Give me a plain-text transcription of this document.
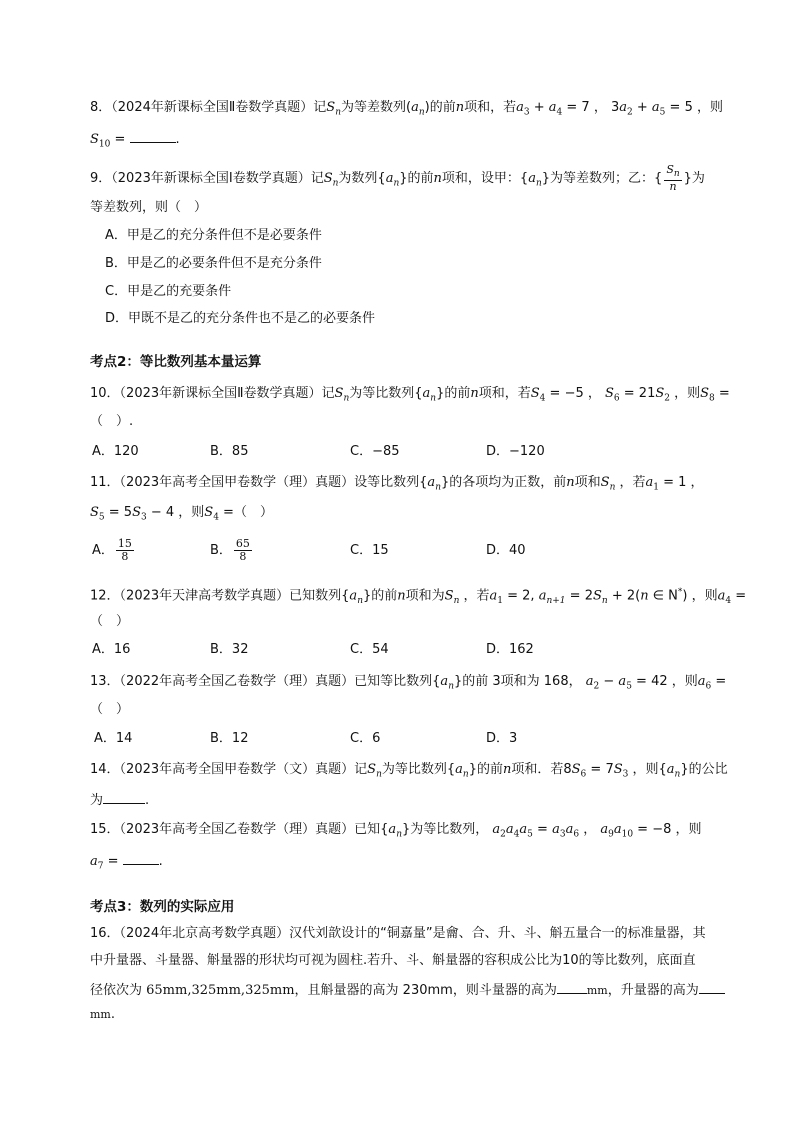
8．（2024年新课标全国Ⅱ卷数学真题）记$S_n$为等差数列$(a_n)$的前n项和，若$a_3 + a_4 = 7$ ， $3a_2 + a_5 = 5$ ，则
$S_{10}$ =	.
9．（2023年新课标全国Ⅰ卷数学真题）记$S_n$为数列$\{a_n\}$的前n项和，设甲：$\{a_n\}$为等差数列；乙：{ $\frac{S_n}{n}$ }为
等差数列，则（　）
A．甲是乙的充分条件但不是必要条件
B．甲是乙的必要条件但不是充分条件
C．甲是乙的充要条件
D．甲既不是乙的充分条件也不是乙的必要条件
考点2：等比数列基本量运算
10．（2023年新课标全国Ⅱ卷数学真题）记$S_n$为等比数列$\{a_n\}$的前n项和，若$S_4 = -5$ ， $S_6 = 21S_2$ ，则$S_8$ =
（　）.
A．120	B．85	C．−85	D．−120
11．（2023年高考全国甲卷数学（理）真题）设等比数列$\{a_n\}$的各项均为正数，前n项和$S_n$ ，若$a_1 = 1$ ，
$S_5 = 5S_3 - 4$ ，则$S_4$ =（　）
A． $\frac{15}{8}$	B． $\frac{65}{8}$	C．15	D．40
12．（2023年天津高考数学真题）已知数列$\{a_n\}$的前n项和为$S_n$ ，若$a_1 = 2$, $a_{n+1} = 2S_n + 2(n$ ∈ N*) ，则$a_4$ =
（　）
A．16	B．32	C．54	D．162
13．（2022年高考全国乙卷数学（理）真题）已知等比数列$\{a_n\}$的前 3项和为 168， $a_2 - a_5 = 42$ ，则$a_6$ =
（　）
A．14	B．12	C．6	D．3
14．（2023年高考全国甲卷数学（文）真题）记$S_n$为等比数列$\{a_n\}$的前n项和．若$8S_6 = 7S_3$ ，则$\{a_n\}$的公比
为	.
15．（2023年高考全国乙卷数学（理）真题）已知$\{a_n\}$为等比数列， $a_2a_4a_5 = a_3a_6$ ， $a_9a_{10} = -8$ ，则
$a_7$ =	.
考点3：数列的实际应用
16．（2024年北京高考数学真题）汉代刘歆设计的“铜嘉量”是龠、合、升、斗、斛五量合一的标准量器，其
中升量器、斗量器、斛量器的形状均可视为圆柱.若升、斗、斛量器的容积成公比为10的等比数列，底面直
径依次为 65mm,325mm,325mm，且斛量器的高为 230mm，则斗量器的高为	mm，升量器的高为
mm.
